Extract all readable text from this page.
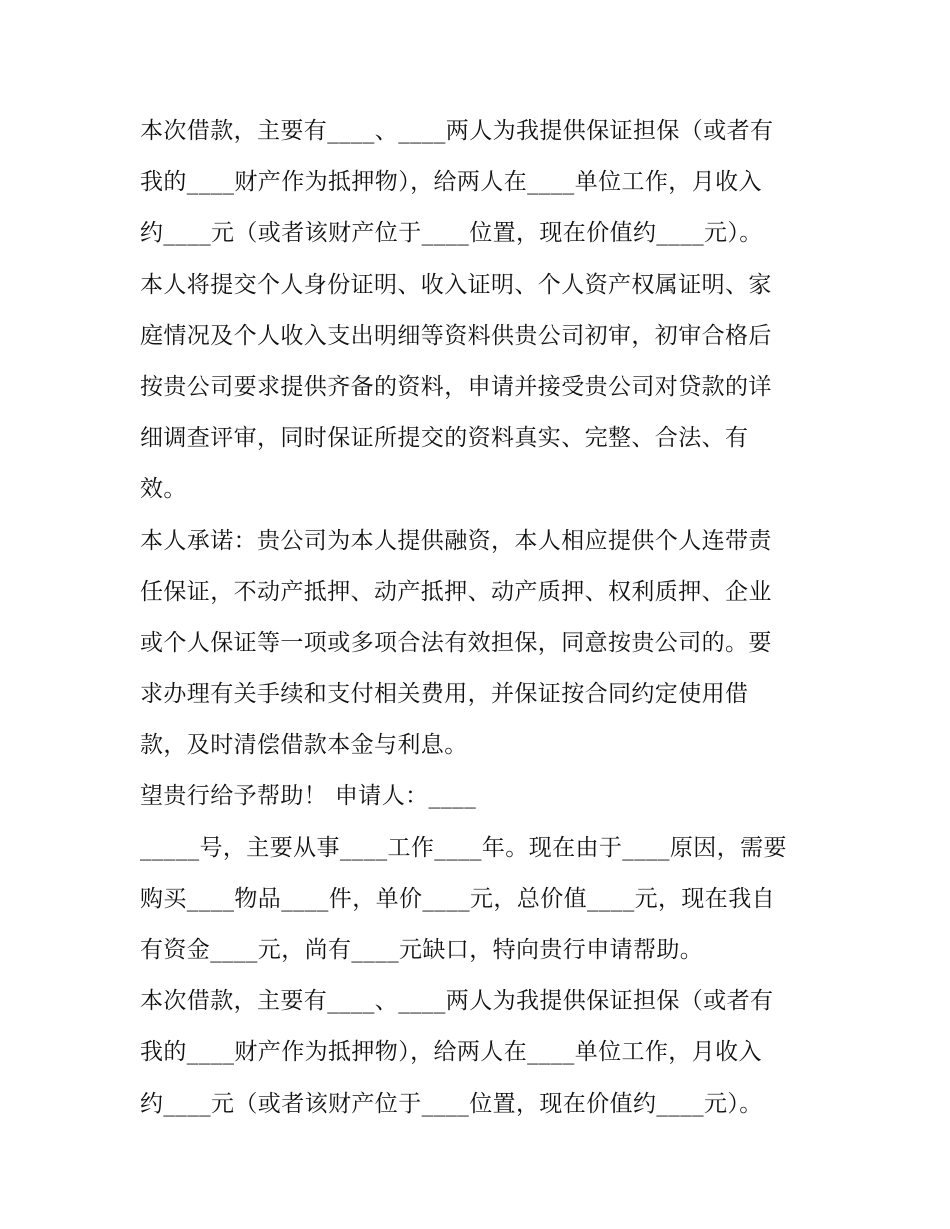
本次借款，主要有____、____两人为我提供保证担保（或者有
我的____财产作为抵押物），给两人在____单位工作，月收入
约____元（或者该财产位于____位置，现在价值约____元）。
本人将提交个人身份证明、收入证明、个人资产权属证明、家
庭情况及个人收入支出明细等资料供贵公司初审，初审合格后
按贵公司要求提供齐备的资料，申请并接受贵公司对贷款的详
细调查评审，同时保证所提交的资料真实、完整、合法、有
效。
本人承诺：贵公司为本人提供融资，本人相应提供个人连带责
任保证，不动产抵押、动产抵押、动产质押、权利质押、企业
或个人保证等一项或多项合法有效担保，同意按贵公司的。要
求办理有关手续和支付相关费用，并保证按合同约定使用借
款，及时清偿借款本金与利息。
望贵行给予帮助！ 申请人：____
_____号，主要从事____工作____年。现在由于____原因，需要
购买____物品____件，单价____元，总价值____元，现在我自
有资金____元，尚有____元缺口，特向贵行申请帮助。
本次借款，主要有____、____两人为我提供保证担保（或者有
我的____财产作为抵押物），给两人在____单位工作，月收入
约____元（或者该财产位于____位置，现在价值约____元）。
